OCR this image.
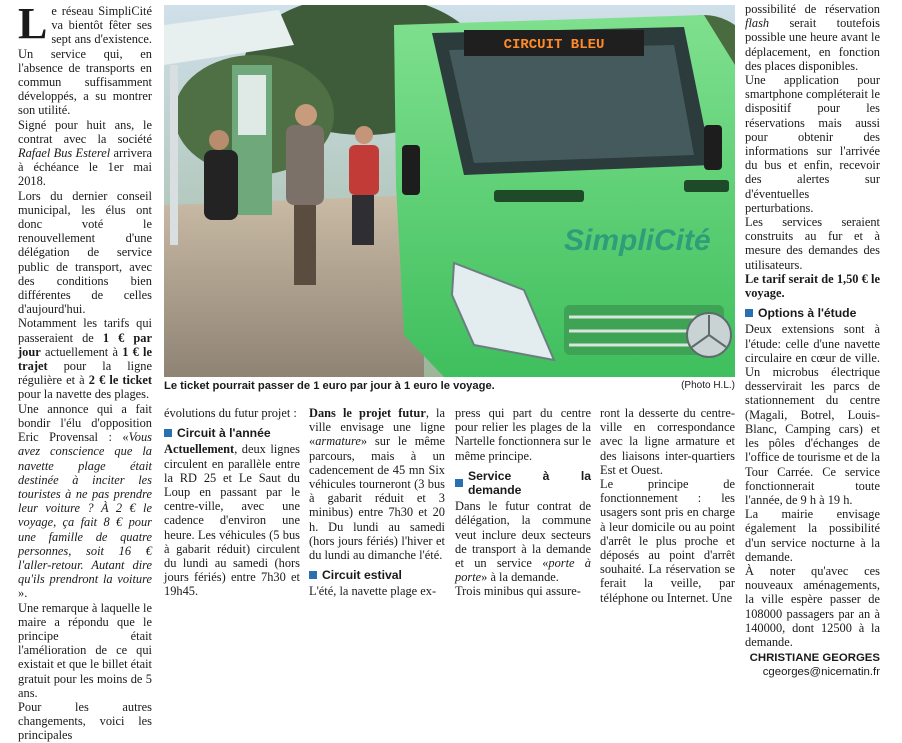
L e réseau SimpliCité va bientôt fêter ses sept ans d'existence. Un service qui, en l'absence de transports en commun suffisamment développés, a su montrer son utilité.

Signé pour huit ans, le contrat avec la société Rafael Bus Esterel arrivera à échéance le 1er mai 2018.

Lors du dernier conseil municipal, les élus ont donc voté le renouvellement d'une délégation de service public de transport, avec des conditions bien différentes de celles d'aujourd'hui.

Notamment les tarifs qui passeraient de 1 € par jour actuellement à 1 € le trajet pour la ligne régulière et à 2 € le ticket pour la navette des plages.

Une annonce qui a fait bondir l'élu d'opposition Eric Provensal : «Vous avez conscience que la navette plage était destinée à inciter les touristes à ne pas prendre leur voiture ? À 2 € le voyage, ça fait 8 € pour une famille de quatre personnes, soit 16 € l'aller-retour. Autant dire qu'ils prendront la voiture ».

Une remarque à laquelle le maire a répondu que le principe était l'amélioration de ce qui existait et que le billet était gratuit pour les moins de 5 ans.

Pour les autres changements, voici les principales

CIRCUIT BLEU
SimpliCité
Le ticket pourrait passer de 1 euro par jour à 1 euro le voyage.	(Photo H.L.)

évolutions du futur projet :

Circuit à l'année

Actuellement, deux lignes circulent en parallèle entre la RD 25 et Le Saut du Loup en passant par le centre-ville, avec une cadence d'environ une heure. Les véhicules (5 bus à gabarit réduit) circulent du lundi au samedi (hors jours fériés) entre 7h30 et 19h45.

Dans le projet futur, la ville envisage une ligne «armature» sur le même parcours, mais à un cadencement de 45 mn Six véhicules tourneront (3 bus à gabarit réduit et 3 minibus) entre 7h30 et 20 h. Du lundi au samedi (hors jours fériés) l'hiver et du lundi au dimanche l'été.

Circuit estival

L'été, la navette plage ex-

press qui part du centre pour relier les plages de la Nartelle fonctionnera sur le même principe.

Service à la demande

Dans le futur contrat de délégation, la commune veut inclure deux secteurs de transport à la demande et un service «porte à porte» à la demande.

Trois minibus qui assure-

ront la desserte du centre-ville en correspondance avec la ligne armature et des liaisons inter-quartiers Est et Ouest.

Le principe de fonctionnement : les usagers sont pris en charge à leur domicile ou au point d'arrêt le plus proche et déposés au point d'arrêt souhaité. La réservation se ferait la veille, par téléphone ou Internet. Une

possibilité de réservation flash serait toutefois possible une heure avant le déplacement, en fonction des places disponibles.

Une application pour smartphone compléterait le dispositif pour les réservations mais aussi pour obtenir des informations sur l'arrivée du bus et enfin, recevoir des alertes sur d'éventuelles perturbations.

Les services seraient construits au fur et à mesure des demandes des utilisateurs.

Le tarif serait de 1,50 € le voyage.

Options à l'étude

Deux extensions sont à l'étude: celle d'une navette circulaire en cœur de ville. Un microbus électrique desservirait les parcs de stationnement du centre (Magali, Botrel, Louis-Blanc, Camping cars) et les pôles d'échanges de l'office de tourisme et de la Tour Carrée. Ce service fonctionnerait toute l'année, de 9 h à 19 h.

La mairie envisage également la possibilité d'un service nocturne à la demande.

À noter qu'avec ces nouveaux aménagements, la ville espère passer de 108000 passagers par an à 140000, dont 12500 à la demande.

CHRISTIANE GEORGES
cgeorges@nicematin.fr
